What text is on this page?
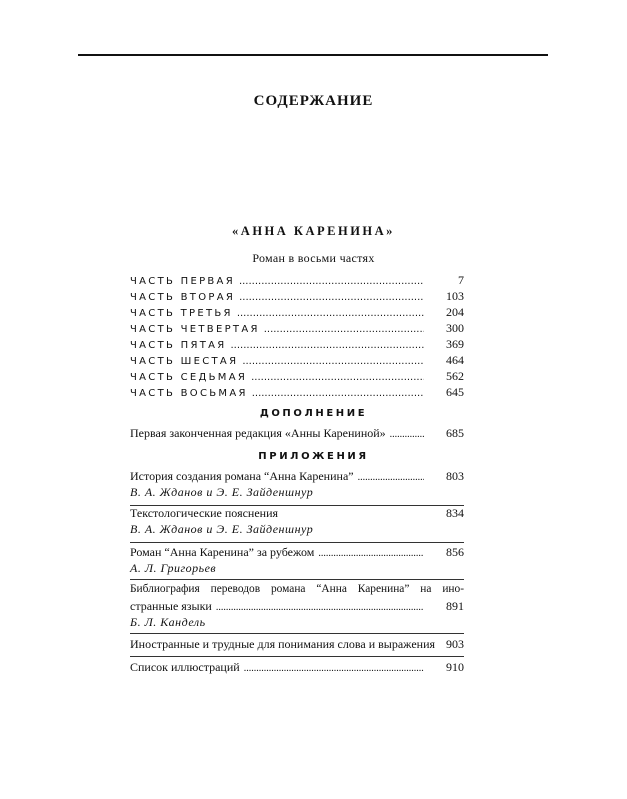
СОДЕРЖАНИЕ
«АННА КАРЕНИНА»
Роман в восьми частях
ЧАСТЬ ПЕРВАЯ .....	7
ЧАСТЬ ВТОРАЯ .....	103
ЧАСТЬ ТРЕТЬЯ .....	204
ЧАСТЬ ЧЕТВЕРТАЯ .....	300
ЧАСТЬ ПЯТАЯ .....	369
ЧАСТЬ ШЕСТАЯ .....	464
ЧАСТЬ СЕДЬМАЯ .....	562
ЧАСТЬ ВОСЬМАЯ .....	645
ДОПОЛНЕНИЕ
Первая законченная редакция «Анны Карениной» .....	685
ПРИЛОЖЕНИЯ
История создания романа “Анна Каренина” .....	803
В. А. Жданов и Э. Е. Зайденшнур
Текстологические пояснения	834
В. А. Жданов и Э. Е. Зайденшнур
Роман “Анна Каренина” за рубежом .....	856
А. Л. Григорьев
Библиография переводов романа “Анна Каренина” на ино-
странные языки .....	891
Б. Л. Кандель
Иностранные и трудные для понимания слова и выражения 903
Список иллюстраций .....	910
